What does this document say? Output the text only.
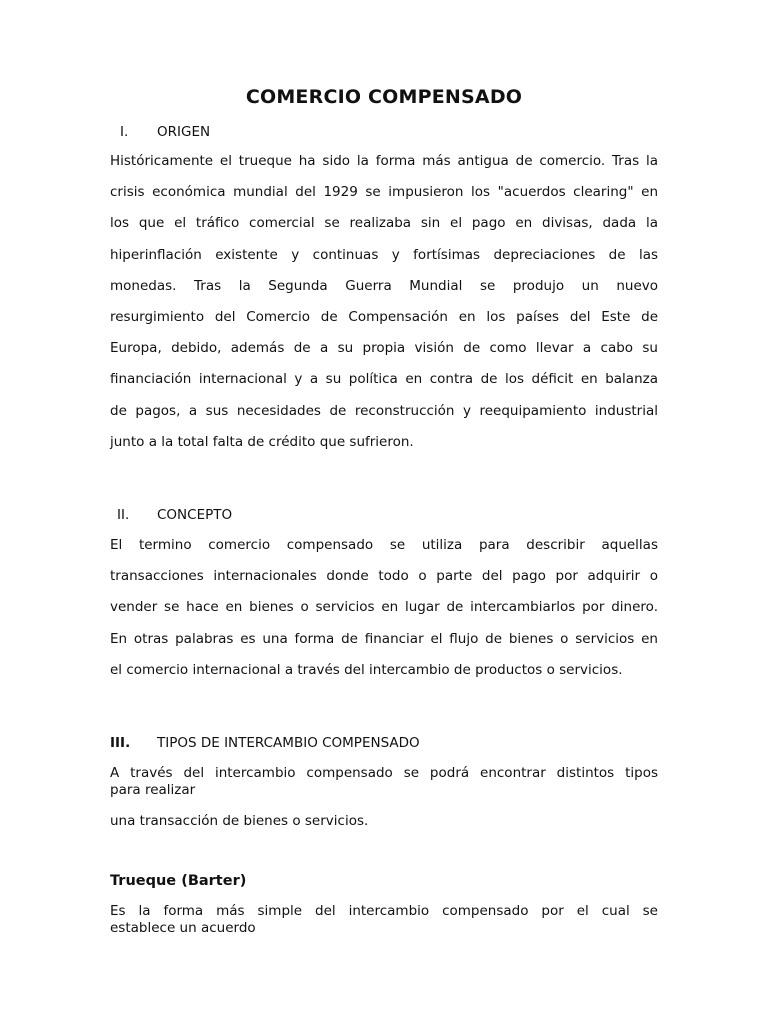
COMERCIO COMPENSADO
I. ORIGEN
Históricamente el trueque ha sido la forma más antigua de comercio. Tras la
crisis económica mundial del 1929 se impusieron los "acuerdos clearing" en
los que el tráfico comercial se realizaba sin el pago en divisas, dada la
hiperinflación existente y continuas y fortísimas depreciaciones de las
monedas. Tras la Segunda Guerra Mundial se produjo un nuevo
resurgimiento del Comercio de Compensación en los países del Este de
Europa, debido, además de a su propia visión de como llevar a cabo su
financiación internacional y a su política en contra de los déficit en balanza
de pagos, a sus necesidades de reconstrucción y reequipamiento industrial
junto a la total falta de crédito que sufrieron.
II. CONCEPTO
El termino comercio compensado se utiliza para describir aquellas
transacciones internacionales donde todo o parte del pago por adquirir o
vender se hace en bienes o servicios en lugar de intercambiarlos por dinero.
En otras palabras es una forma de financiar el flujo de bienes o servicios en
el comercio internacional a través del intercambio de productos o servicios.
III. TIPOS DE INTERCAMBIO COMPENSADO
A través del intercambio compensado se podrá encontrar distintos tipos
para realizar
una transacción de bienes o servicios.
Trueque (Barter)
Es la forma más simple del intercambio compensado por el cual se
establece un acuerdo
